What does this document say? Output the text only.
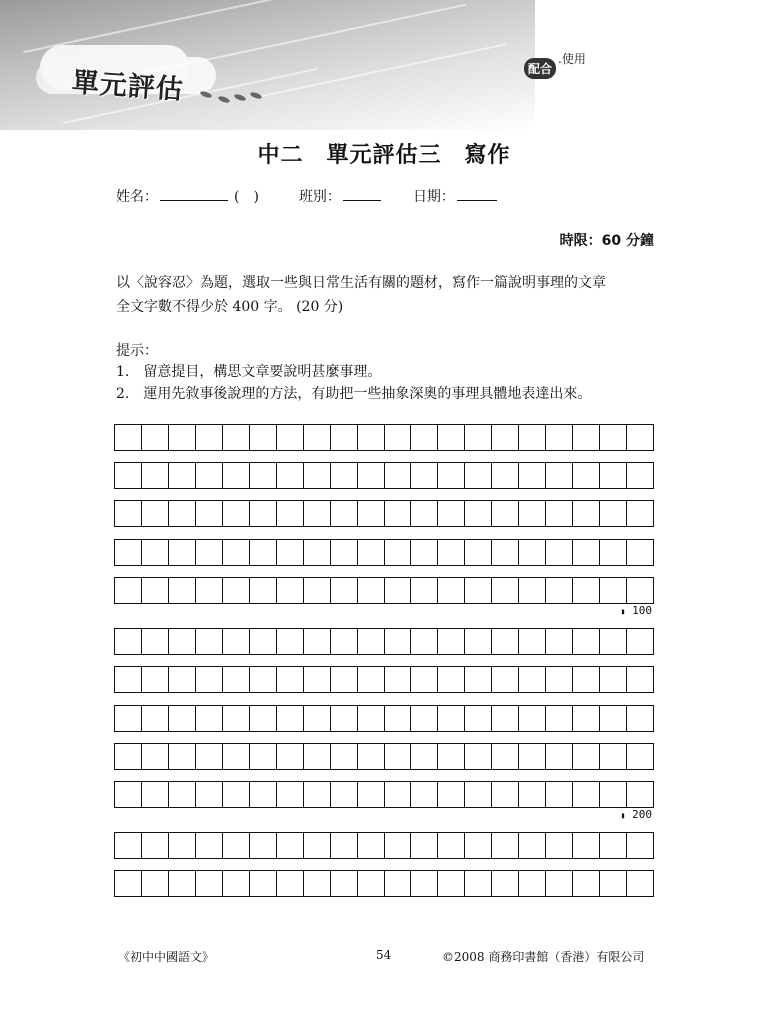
單元評估	配合
.使用
中二　單元評估三　寫作
姓名：	(　)	班別：	日期：
時限：60 分鐘
以〈說容忍〉為題，選取一些與日常生活有關的題材，寫作一篇說明事理的文章
全文字數不得少於 400 字。 (20 分)
提示：
1.　留意提目，構思文章要說明甚麼事理。
2.　運用先敘事後說理的方法，有助把一些抽象深奧的事理具體地表達出來。
▮ 100
▮ 200
《初中中國語文》	54	©2008 商務印書館（香港）有限公司
